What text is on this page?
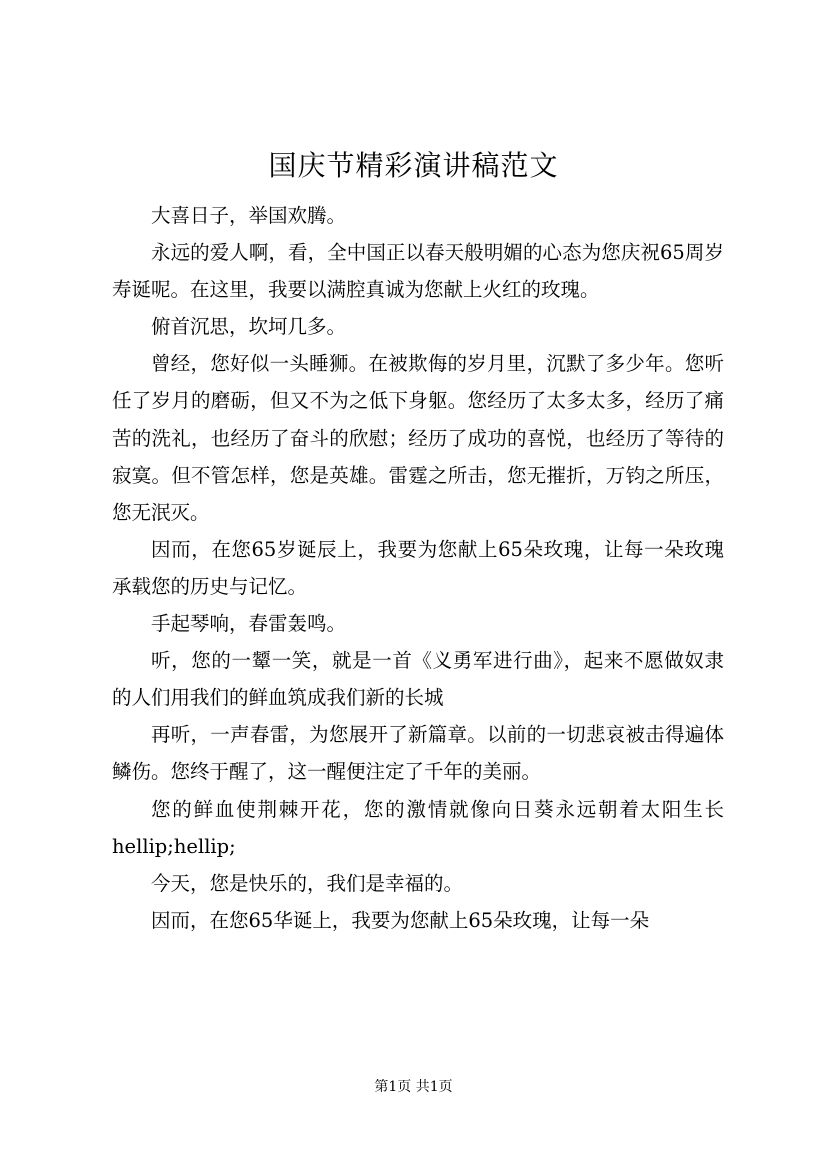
国庆节精彩演讲稿范文

大喜日子，举国欢腾。

永远的爱人啊，看，全中国正以春天般明媚的心态为您庆祝65周岁寿诞呢。在这里，我要以满腔真诚为您献上火红的玫瑰。

俯首沉思，坎坷几多。

曾经，您好似一头睡狮。在被欺侮的岁月里，沉默了多少年。您听任了岁月的磨砺，但又不为之低下身躯。您经历了太多太多，经历了痛苦的洗礼，也经历了奋斗的欣慰；经历了成功的喜悦，也经历了等待的寂寞。但不管怎样，您是英雄。雷霆之所击，您无摧折，万钧之所压，您无泯灭。

因而，在您65岁诞辰上，我要为您献上65朵玫瑰，让每一朵玫瑰承载您的历史与记忆。

手起琴响，春雷轰鸣。

听，您的一颦一笑，就是一首《义勇军进行曲》，起来不愿做奴隶的人们用我们的鲜血筑成我们新的长城

再听，一声春雷，为您展开了新篇章。以前的一切悲哀被击得遍体鳞伤。您终于醒了，这一醒便注定了千年的美丽。

您的鲜血使荆棘开花，您的激情就像向日葵永远朝着太阳生长hellip;hellip;

今天，您是快乐的，我们是幸福的。

因而，在您65华诞上，我要为您献上65朵玫瑰，让每一朵

第1页 共1页
